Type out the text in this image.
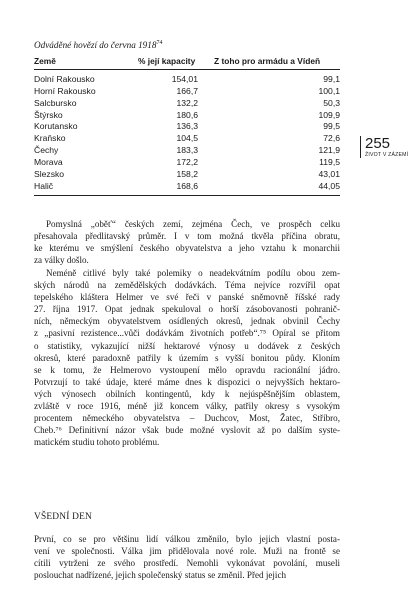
Odváděné hovězí do června 1918$^{74}$
Země	% její kapacity	Z toho pro armádu a Vídeň
Dolní Rakousko	154,01	99,1
Horní Rakousko	166,7	100,1
Salcbursko	132,2	50,3
Štýrsko	180,6	109,9
Korutansko	136,3	99,5
Kraňsko	104,5	72,6
Čechy	183,3	121,9
Morava	172,2	119,5
Slezsko	158,2	43,01
Halič	168,6	44,05
255
ŽIVOT V ZÁZEMÍ
Pomyslná „oběť“ českých zemí, zejména Čech, ve prospěch celku
přesahovala předlitavský průměr. I v tom možná tkvěla příčina obratu,
ke kterému ve smýšlení českého obyvatelstva a jeho vztahu k monarchii
za války došlo.
Neméně citlivé byly také polemiky o neadekvátním podílu obou zem-
ských národů na zemědělských dodávkách. Téma nejvíce rozvířil opat
tepelského kláštera Helmer ve své řeči v panské sněmovně říšské rady
27. října 1917. Opat jednak spekuloval o horší zásobovanosti pohranič-
ních, německým obyvatelstvem osídlených okresů, jednak obvinil Čechy
z „pasivní rezistence...vůči dodávkám životních potřeb“.⁷⁵ Opíral se přitom
o statistiky, vykazující nižší hektarové výnosy u dodávek z českých
okresů, které paradoxně patřily k územím s vyšší bonitou půdy. Kloním
se k tomu, že Helmerovo vystoupení mělo opravdu racionální jádro.
Potvrzují to také údaje, které máme dnes k dispozici o nejvyšších hektaro-
vých výnosech obilních kontingentů, kdy k nejúspěšnějším oblastem,
zvláště v roce 1916, méně již koncem války, patřily okresy s vysokým
procentem německého obyvatelstva – Duchcov, Most, Žatec, Stříbro,
Cheb.⁷⁶ Definitivní názor však bude možné vyslovit až po dalším syste-
matickém studiu tohoto problému.
VŠEDNÍ DEN
První, co se pro většinu lidí válkou změnilo, bylo jejich vlastní posta-
vení ve společnosti. Válka jim přidělovala nové role. Muži na frontě se
cítili vytrženi ze svého prostředí. Nemohli vykonávat povolání, museli
poslouchat nadřízené, jejich společenský status se změnil. Před jejich
